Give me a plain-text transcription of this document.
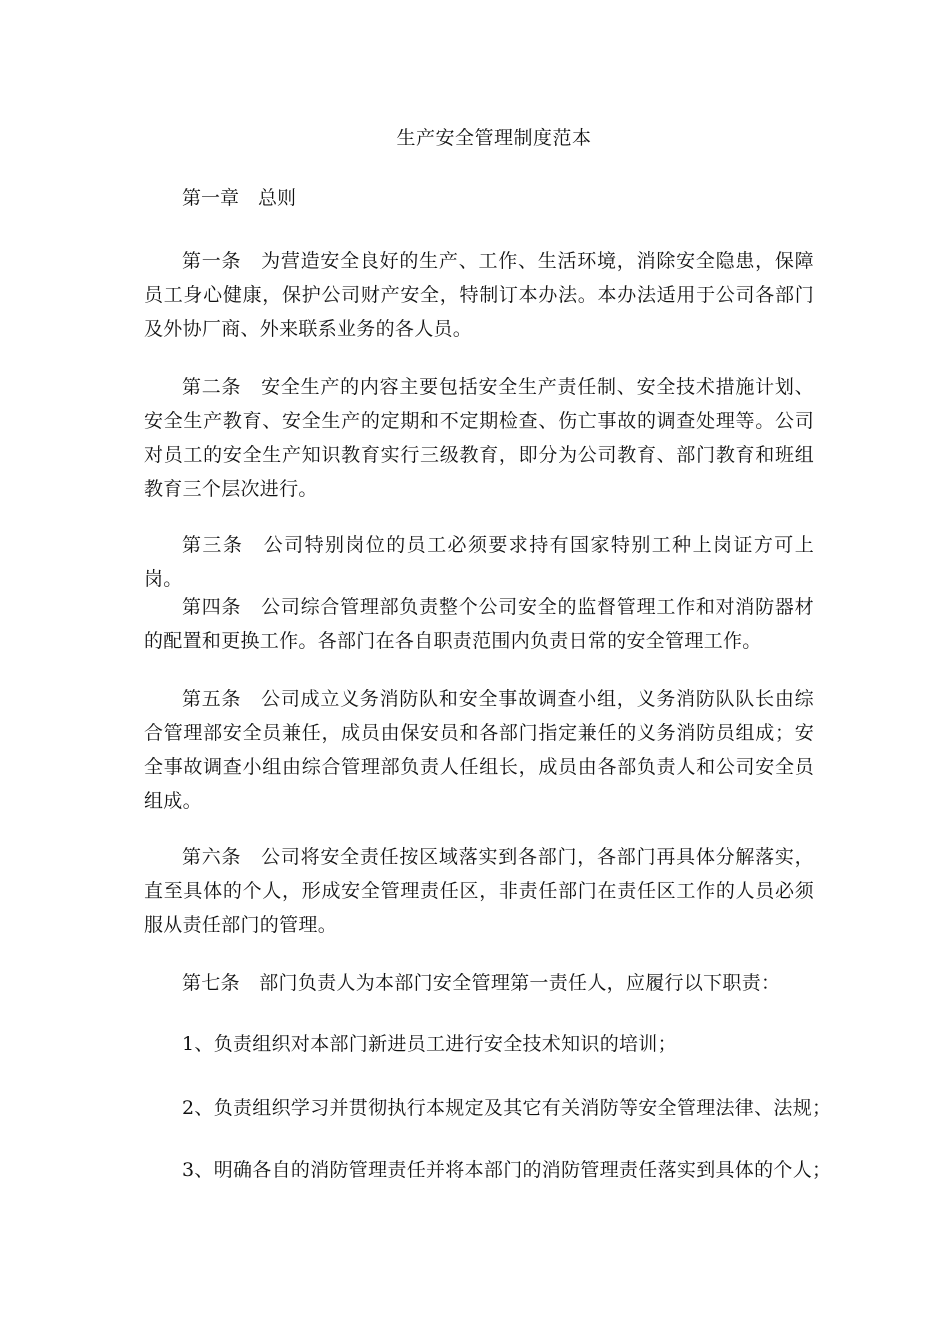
生产安全管理制度范本
第一章　总则
第一条　 为营造安全良好的生产、工作、生活环境，消除安全隐患，保障员工身心健康，保护公司财产安全，特制订本办法。本办法适用于公司各部门及外协厂商、外来联系业务的各人员。
第二条　 安全生产的内容主要包括安全生产责任制、安全技术措施计划、安全生产教育、安全生产的定期和不定期检查、伤亡事故的调查处理等。公司对员工的安全生产知识教育实行三级教育，即分为公司教育、部门教育和班组教育三个层次进行。
第三条　 公司特别岗位的员工必须要求持有国家特别工种上岗证方可上岗。
第四条　 公司综合管理部负责整个公司安全的监督管理工作和对消防器材的配置和更换工作。各部门在各自职责范围内负责日常的安全管理工作。
第五条　 公司成立义务消防队和安全事故调查小组，义务消防队队长由综合管理部安全员兼任，成员由保安员和各部门指定兼任的义务消防员组成；安全事故调查小组由综合管理部负责人任组长，成员由各部负责人和公司安全员组成。
第六条　 公司将安全责任按区域落实到各部门，各部门再具体分解落实，直至具体的个人，形成安全管理责任区，非责任部门在责任区工作的人员必须服从责任部门的管理。
第七条　 部门负责人为本部门安全管理第一责任人，应履行以下职责：
1、负责组织对本部门新进员工进行安全技术知识的培训；
2、负责组织学习并贯彻执行本规定及其它有关消防等安全管理法律、法规；
3、明确各自的消防管理责任并将本部门的消防管理责任落实到具体的个人；
